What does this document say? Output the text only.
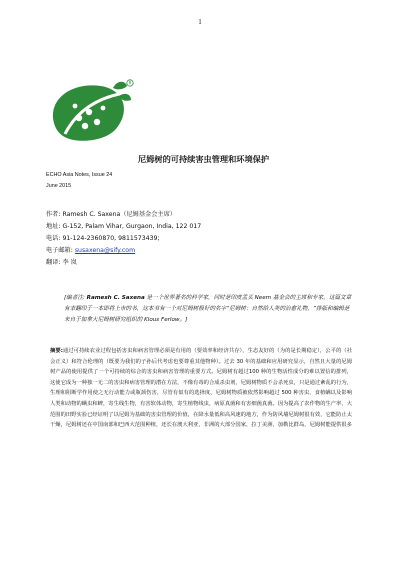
1
R
尼姆树的可持续害虫管理和环境保护
ECHO Asia Notes, Issue 24
June 2015
作者: Ramesh C. Saxena（尼姆基金会主席）
地址: G-152, Palam Vihar, Gurgaon, India, 122 017
电话: 91-124-2360870, 9811573439;
电子邮箱: susaxena@sify.com
翻译: 李 岚
[编者注: Ramesh C. Saxena 是一个世界著名的科学家，同时是印度孟买 Neem 基金会的主席和专家。这篇文章有幸翻印于一本即将上市的书，这本书有一个对尼姆树极好的名字“尼姆树：自然给人类的治愈礼物，”排版和编辑是来自于加拿大尼姆树研究组织的 Klous Ferlow。]
摘要:通过可持续农业过程包括害虫和病害管理必须是有用的（要效率和经济共存），生态友好的（为的是长期稳定），公平的（社会正义）和符合伦理的（既要为我们的子孙后代考虑也要尊重其他物种）。过去 30 年的基础和应用研究显示，自然且大量的尼姆树产品的使用提供了一个可持续的综合的害虫和病害管理的重要方式。尼姆树有超过100 种的生物活性成分的难以置信的排列，这使它成为一种独一无二的害虫和病害管理的潜在方法，不像有毒的合成杀虫剂，尼姆树物质不会杀死虫，只是通过紊乱的行为，生理和阻断学作用使之无行动能力或瓶颈伤害，尽管有似有的选择度，尼姆树物质被依然影响超过 500 种害虫，食植螨以及影响人类和动物的螨虫和蜱，寄生线生物，有害软体动物，寄生植物线虫，病原真菌和有害细菌真菌。因为提高了农作物的生产率，大范围的田野实验已经证明了以尼姆为基础的害虫管理的价值，在降水量低和高风速的地方，作为防风墙尼姆树很有效，它能防止太干燥，尼姆树还在中国南部和巴西大范围种植，还长在澳大利亚，非洲的大部分国家，拉丁美洲，加勒比群岛，尼姆树能提供很多
